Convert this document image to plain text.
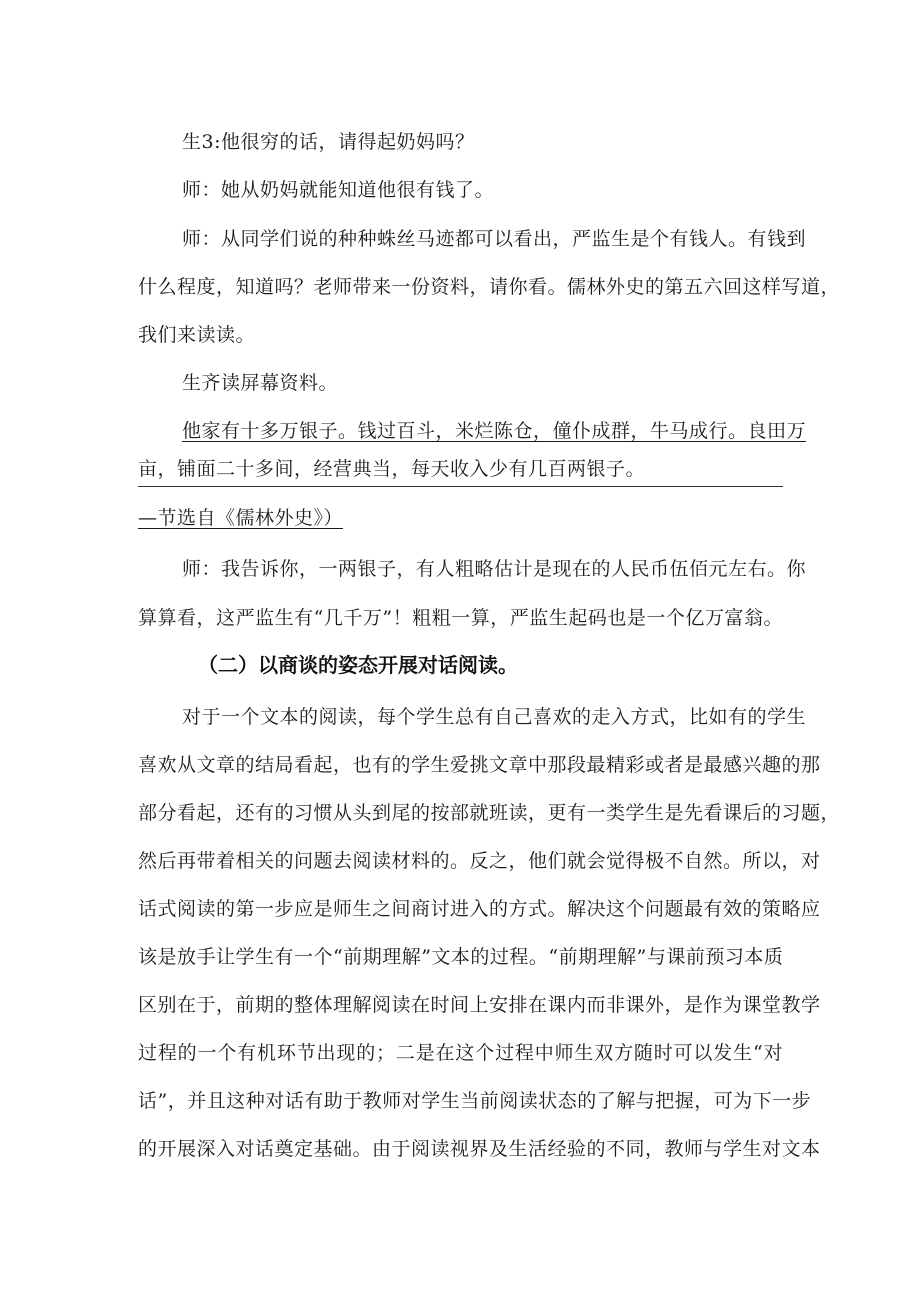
生3:他很穷的话，请得起奶妈吗？
师：她从奶妈就能知道他很有钱了。
师：从同学们说的种种蛛丝马迹都可以看出，严监生是个有钱人。有钱到
什么程度，知道吗？老师带来一份资料，请你看。儒林外史的第五六回这样写道，
我们来读读。
生齐读屏幕资料。
他家有十多万银子。钱过百斗，米烂陈仓，僮仆成群，牛马成行。良田万
亩，铺面二十多间，经营典当，每天收入少有几百两银子。
—节选自《儒林外史》）
师：我告诉你，一两银子，有人粗略估计是现在的人民币伍佰元左右。你
算算看，这严监生有“几千万”！粗粗一算，严监生起码也是一个亿万富翁。
（二）以商谈的姿态开展对话阅读。
对于一个文本的阅读，每个学生总有自己喜欢的走入方式，比如有的学生
喜欢从文章的结局看起，也有的学生爱挑文章中那段最精彩或者是最感兴趣的那
部分看起，还有的习惯从头到尾的按部就班读，更有一类学生是先看课后的习题，
然后再带着相关的问题去阅读材料的。反之，他们就会觉得极不自然。所以，对
话式阅读的第一步应是师生之间商讨进入的方式。解决这个问题最有效的策略应
该是放手让学生有一个“前期理解”文本的过程。“前期理解”与课前预习本质
区别在于，前期的整体理解阅读在时间上安排在课内而非课外，是作为课堂教学
过程的一个有机环节出现的；二是在这个过程中师生双方随时可以发生“对
话”，并且这种对话有助于教师对学生当前阅读状态的了解与把握，可为下一步
的开展深入对话奠定基础。由于阅读视界及生活经验的不同，教师与学生对文本
